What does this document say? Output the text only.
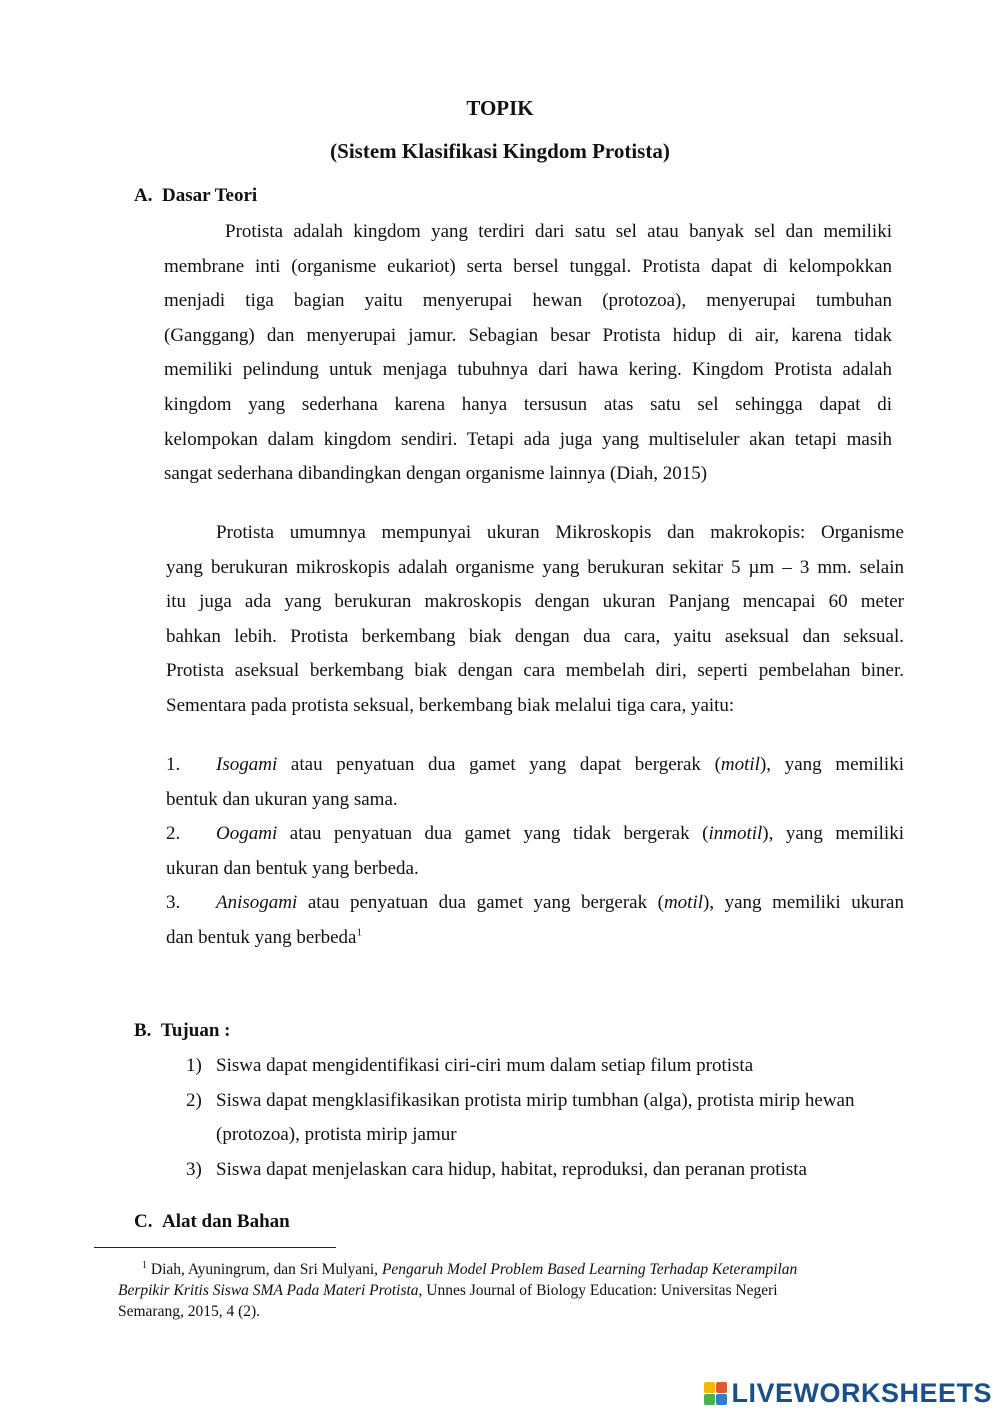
TOPIK
(Sistem Klasifikasi Kingdom Protista)
A.  Dasar Teori
Protista adalah kingdom yang terdiri dari satu sel atau banyak sel dan memiliki
membrane inti (organisme eukariot) serta bersel tunggal. Protista dapat di kelompokkan
menjadi tiga bagian yaitu menyerupai hewan (protozoa), menyerupai tumbuhan
(Ganggang) dan menyerupai jamur. Sebagian besar Protista hidup di air, karena tidak
memiliki pelindung untuk menjaga tubuhnya dari hawa kering. Kingdom Protista adalah
kingdom yang sederhana karena hanya tersusun atas satu sel sehingga dapat di
kelompokan dalam kingdom sendiri. Tetapi ada juga yang multiseluler akan tetapi masih
sangat sederhana dibandingkan dengan organisme lainnya (Diah, 2015)
Protista umumnya mempunyai ukuran Mikroskopis dan makrokopis: Organisme
yang berukuran mikroskopis adalah organisme yang berukuran sekitar 5 µm – 3 mm. selain
itu juga ada yang berukuran makroskopis dengan ukuran Panjang mencapai 60 meter
bahkan lebih. Protista berkembang biak dengan dua cara, yaitu aseksual dan seksual.
Protista aseksual berkembang biak dengan cara membelah diri, seperti pembelahan biner.
Sementara pada protista seksual, berkembang biak melalui tiga cara, yaitu:
1. Isogami atau penyatuan dua gamet yang dapat bergerak (motil), yang memiliki
bentuk dan ukuran yang sama.
2. Oogami atau penyatuan dua gamet yang tidak bergerak (inmotil), yang memiliki
ukuran dan bentuk yang berbeda.
3. Anisogami atau penyatuan dua gamet yang bergerak (motil), yang memiliki ukuran
dan bentuk yang berbeda$^1$
B.  Tujuan :
1) Siswa dapat mengidentifikasi ciri-ciri mum dalam setiap filum protista
2) Siswa dapat mengklasifikasikan protista mirip tumbhan (alga), protista mirip hewan
(protozoa), protista mirip jamur
3) Siswa dapat menjelaskan cara hidup, habitat, reproduksi, dan peranan protista
C.  Alat dan Bahan
$^1$ Diah, Ayuningrum, dan Sri Mulyani, Pengaruh Model Problem Based Learning Terhadap Keterampilan
Berpikir Kritis Siswa SMA Pada Materi Protista, Unnes Journal of Biology Education: Universitas Negeri
Semarang, 2015, 4 (2).
LIVEWORKSHEETS
